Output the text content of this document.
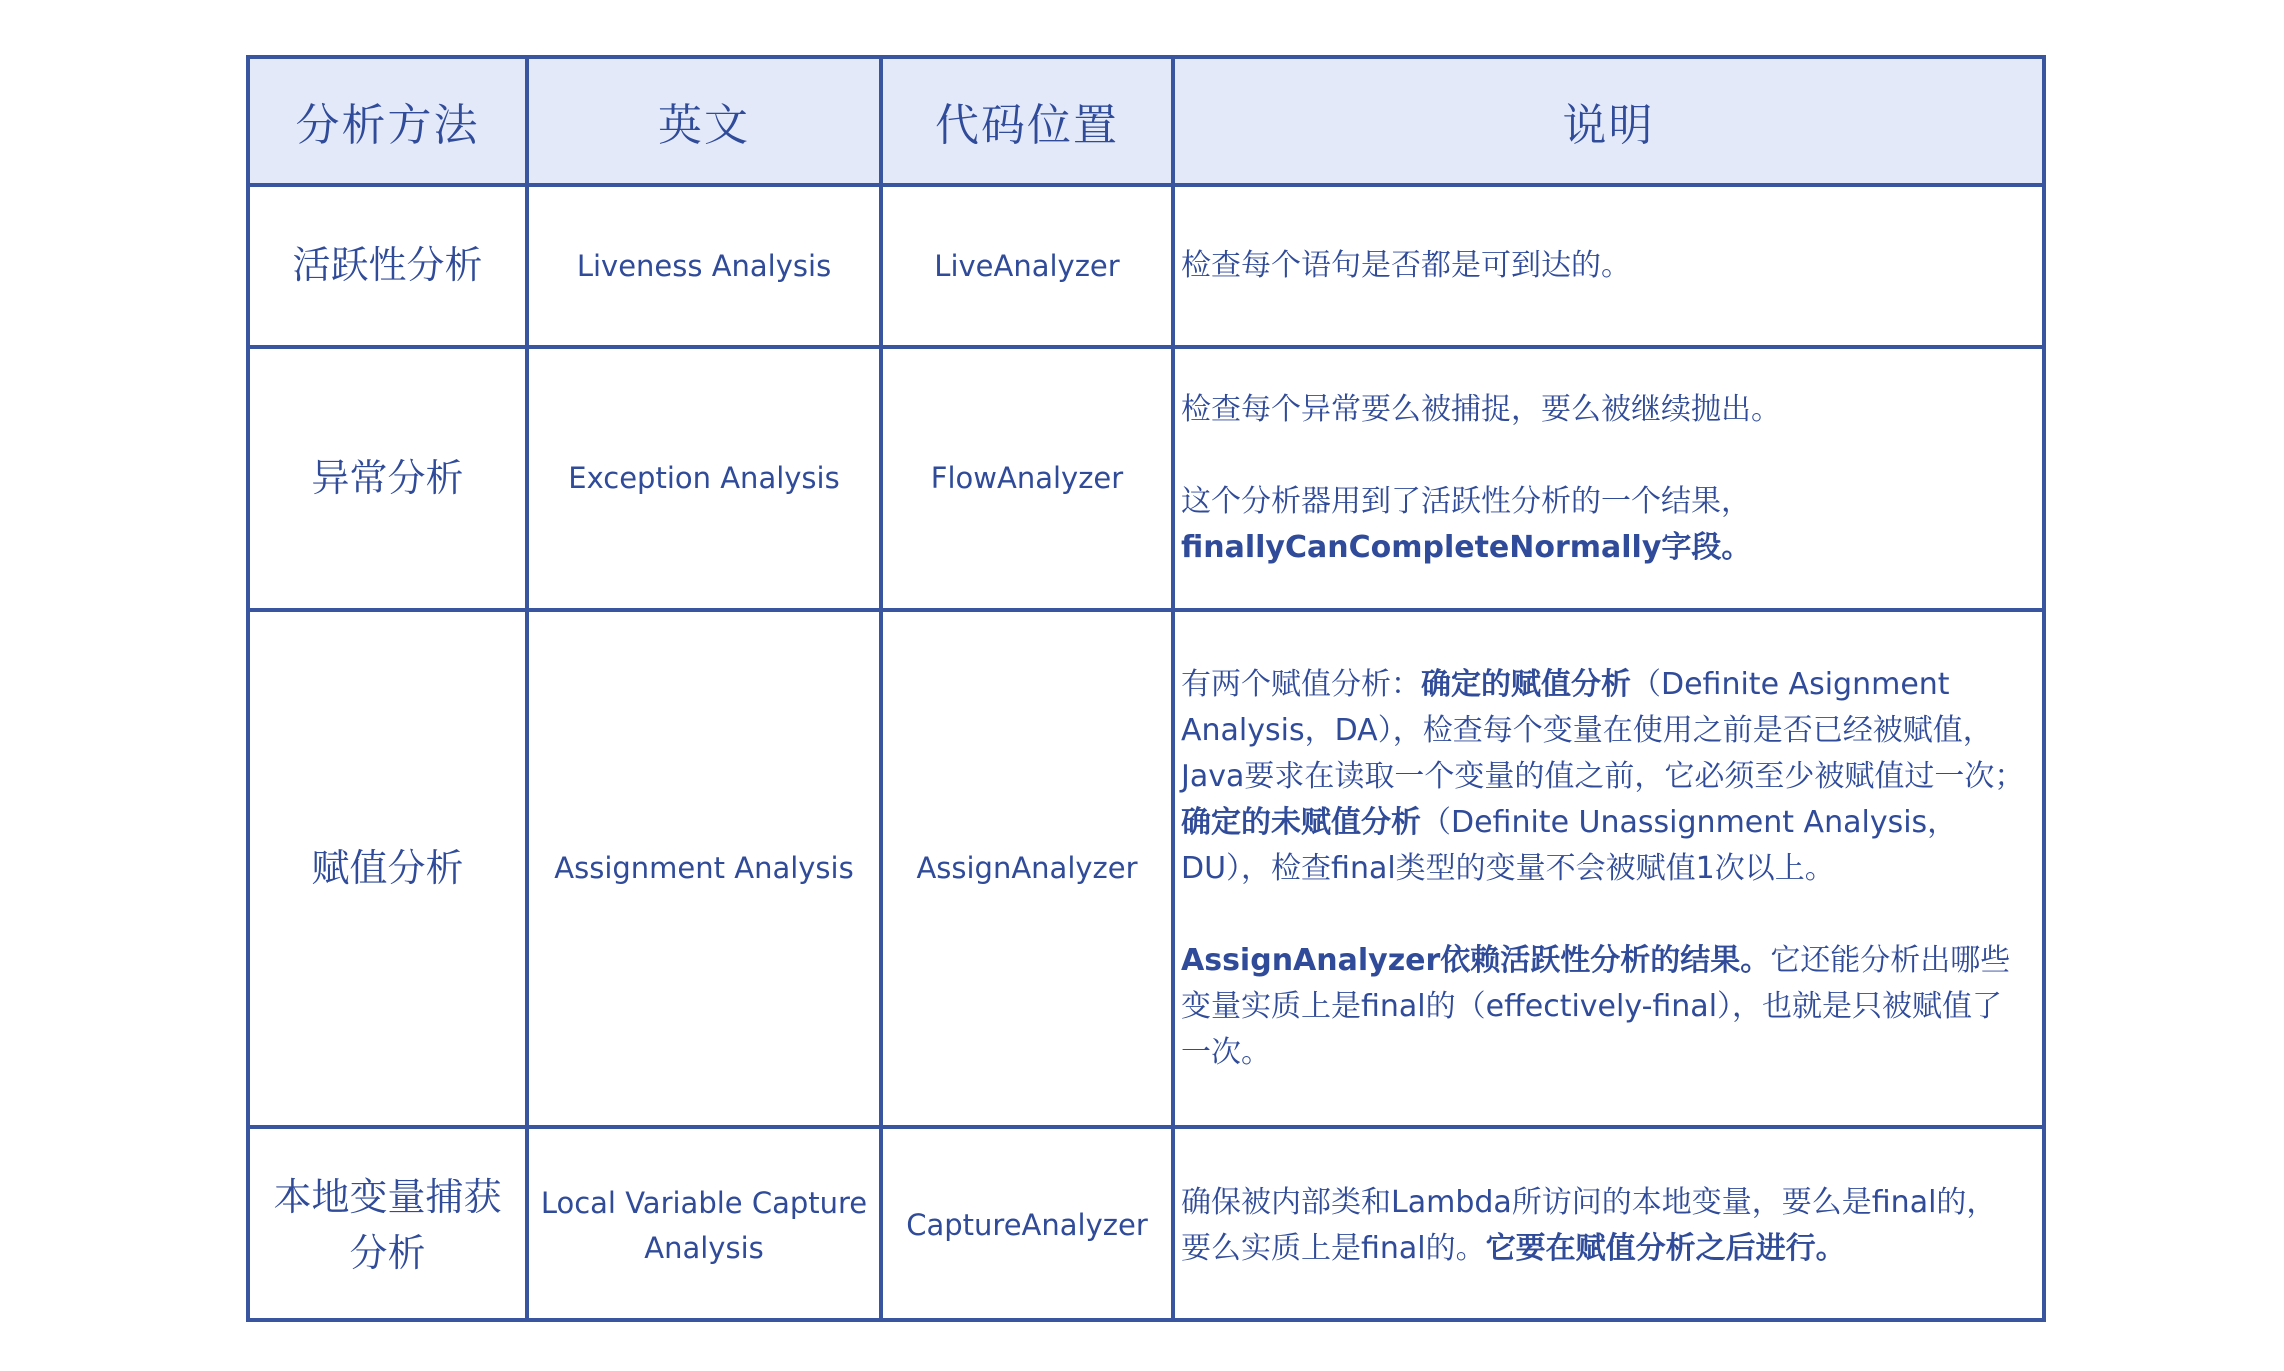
分析方法	英文	代码位置	说明
活跃性分析	Liveness Analysis	LiveAnalyzer	检查每个语句是否都是可到达的。

异常分析	Exception Analysis	FlowAnalyzer	检查每个异常要么被捕捉，要么被继续抛出。

这个分析器用到了活跃性分析的一个结果，
finallyCanCompleteNormally字段。

赋值分析	Assignment Analysis	AssignAnalyzer	有两个赋值分析：确定的赋值分析（Definite Asignment Analysis，DA），检查每个变量在使用之前是否已经被赋值，Java要求在读取一个变量的值之前，它必须至少被赋值过一次；确定的未赋值分析（Definite Unassignment Analysis，DU），检查final类型的变量不会被赋值1次以上。

AssignAnalyzer依赖活跃性分析的结果。它还能分析出哪些变量实质上是final的（effectively-final），也就是只被赋值了一次。

本地变量捕获分析	Local Variable Capture Analysis	CaptureAnalyzer	确保被内部类和Lambda所访问的本地变量，要么是final的，要么实质上是final的。它要在赋值分析之后进行。
